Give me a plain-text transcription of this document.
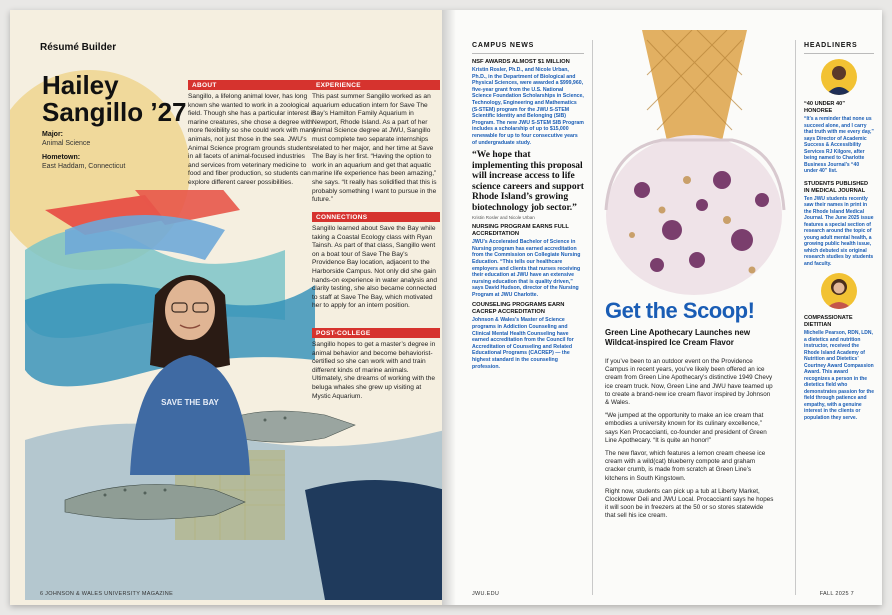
Résumé Builder
Hailey Sangillo ’27
Major:
Animal Science
Hometown:
East Haddam, Connecticut
SAVE THE BAY
ABOUT
Sangillo, a lifelong animal lover, has long known she wanted to work in a zoological field. Though she has a particular interest in marine creatures, she chose a degree with more flexibility so she could work with many animals, not just those in the sea. JWU’s Animal Science program grounds students in all facets of animal-focused industries and services from veterinary medicine to food and fiber production, so students can explore different career possibilities.
EXPERIENCE
This past summer Sangillo worked as an aquarium education intern for Save The Bay’s Hamilton Family Aquarium in Newport, Rhode Island. As a part of her Animal Science degree at JWU, Sangillo must complete two separate internships related to her major, and her time at Save The Bay is her first. “Having the option to work in an aquarium and get that aquatic marine life experience has been amazing,” she says. “It really has solidified that this is probably something I want to pursue in the future.”
CONNECTIONS
Sangillo learned about Save the Bay while taking a Coastal Ecology class with Ryan Tainsh. As part of that class, Sangillo went on a boat tour of Save The Bay’s Providence Bay location, adjacent to the Harborside Campus. Not only did she gain hands-on experience in water analysis and clarity testing, she also became connected to staff at Save The Bay, which motivated her to apply for an intern position.
POST-COLLEGE
Sangillo hopes to get a master’s degree in animal behavior and become behaviorist-certified so she can work with and train different kinds of marine animals. Ultimately, she dreams of working with the beluga whales she grew up visiting at Mystic Aquarium.
6 JOHNSON & WALES UNIVERSITY MAGAZINE
CAMPUS NEWS
NSF AWARDS ALMOST $1 MILLION
Kristin Rosler, Ph.D., and Nicole Urban, Ph.D., in the Department of Biological and Physical Sciences, were awarded a $999,960, five-year grant from the U.S. National Science Foundation Scholarships in Science, Technology, Engineering and Mathematics (S-STEM) program for the JWU S-STEM Scientific Identity and Belonging (SIB) Program. The new JWU S-STEM SIB Program includes a scholarship of up to $15,000 renewable for up to four consecutive years of undergraduate study.
“We hope that implementing this proposal will increase access to life science careers and support Rhode Island’s growing biotechnology job sector.”
Kristin Rosler and Nicole Urban
NURSING PROGRAM EARNS FULL ACCREDITATION
JWU’s Accelerated Bachelor of Science in Nursing program has earned accreditation from the Commission on Collegiate Nursing Education. “This tells our healthcare employers and clients that nurses receiving their education at JWU have an extensive nursing education that is quality driven,” says David Hudson, director of the Nursing Program at JWU Charlotte.
COUNSELING PROGRAMS EARN CACREP ACCREDITATION
Johnson & Wales’s Master of Science programs in Addiction Counseling and Clinical Mental Health Counseling have earned accreditation from the Council for Accreditation of Counseling and Related Educational Programs (CACREP) — the highest standard in the counseling profession.
Get the Scoop!
Green Line Apothecary Launches new Wildcat-inspired Ice Cream Flavor

If you’ve been to an outdoor event on the Providence Campus in recent years, you’ve likely been offered an ice cream from Green Line Apothecary’s distinctive 1949 Chevy ice cream truck. Now, Green Line and JWU have teamed up to create a brand-new ice cream flavor inspired by Johnson & Wales.

“We jumped at the opportunity to make an ice cream that embodies a university known for its culinary excellence,” says Ken Procaccianti, co-founder and president of Green Line Apothecary. “It is quite an honor!”

The new flavor, which features a lemon cream cheese ice cream with a wild(cat) blueberry compote and graham cracker crumb, is made from scratch at Green Line’s kitchens in South Kingstown.

Right now, students can pick up a tub at Liberty Market, Clocktower Deli and JWU Local. Procaccianti says he hopes it will soon be in freezers at the 50 or so stores statewide that sell his ice cream.

HEADLINERS
“40 UNDER 40” HONOREE
“It’s a reminder that none us succeed alone, and I carry that truth with me every day,” says Director of Academic Success & Accessibility Services RJ Kilgore, after being named to Charlotte Business Journal’s “40 under 40” list.
STUDENTS PUBLISHED IN MEDICAL JOURNAL
Ten JWU students recently saw their names in print in the Rhode Island Medical Journal. The June 2025 issue features a special section of research around the topic of young adult mental health, a growing public health issue, which debuted six original research studies by students and faculty.
COMPASSIONATE DIETITIAN
Michelle Pearson, RDN, LDN, a dietetics and nutrition instructor, received the Rhode Island Academy of Nutrition and Dietetics’ Courtney Award Compassion Award. This award recognizes a person in the dietetics field who demonstrates passion for the field through patience and empathy, with a genuine interest in the clients or population they serve.
JWU.EDU	FALL 2025 7
